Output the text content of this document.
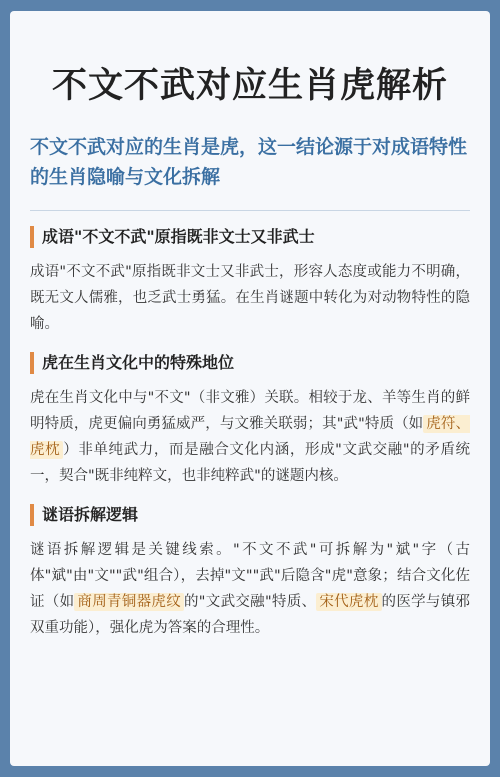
不文不武对应生肖虎解析
不文不武对应的生肖是虎，这一结论源于对成语特性的生肖隐喻与文化拆解
成语"不文不武"原指既非文士又非武士

成语"不文不武"原指既非文士又非武士，形容人态度或能力不明确，既无文人儒雅，也乏武士勇猛。在生肖谜题中转化为对动物特性的隐喻。

虎在生肖文化中的特殊地位

虎在生肖文化中与"不文"（非文雅）关联。相较于龙、羊等生肖的鲜明特质，虎更偏向勇猛威严，与文雅关联弱；其"武"特质（如 虎符、虎枕 ）非单纯武力，而是融合文化内涵，形成"文武交融"的矛盾统一，契合"既非纯粹文，也非纯粹武"的谜题内核。

谜语拆解逻辑

谜语拆解逻辑是关键线索。"不文不武"可拆解为"斌"字（古体"斌"由"文""武"组合），去掉"文""武"后隐含"虎"意象；结合文化佐证（如 商周青铜器虎纹 的"文武交融"特质、 宋代虎枕 的医学与镇邪双重功能），强化虎为答案的合理性。
